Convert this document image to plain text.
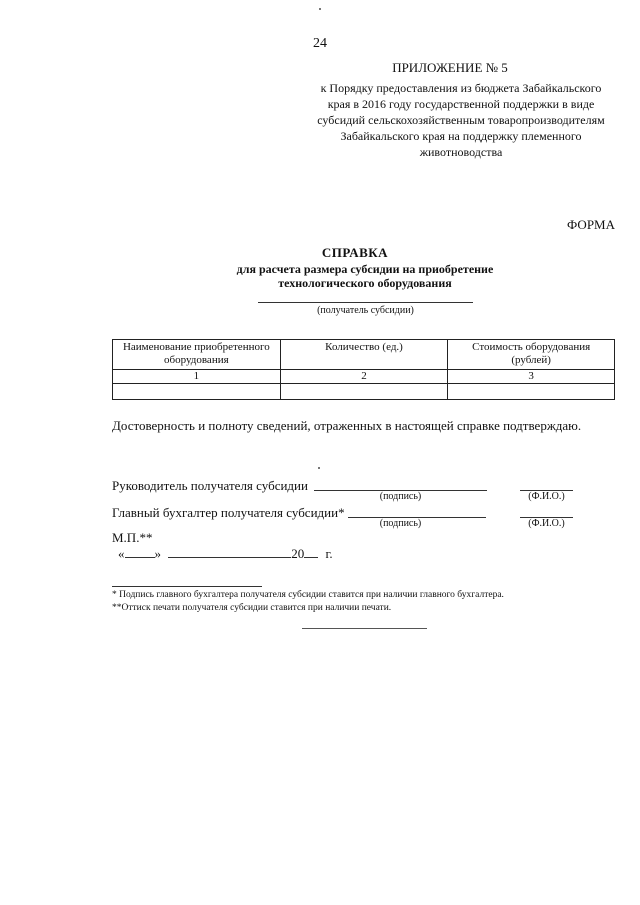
24
ПРИЛОЖЕНИЕ № 5
к Порядку предоставления из бюджета Забайкальского
края в 2016 году государственной поддержки в виде
субсидий сельскохозяйственным товаропроизводителям
Забайкальского края на поддержку племенного
животноводства
ФОРМА
СПРАВКА
для расчета размера субсидии на приобретение
технологического оборудования
(получатель субсидии)
Наименование приобретенного оборудования	Количество (ед.)	Стоимость оборудования (рублей)
1	2	3

Достоверность и полноту сведений, отраженных в настоящей справке подтверждаю.
Руководитель получателя субсидии
(подпись)	(Ф.И.О.)
Главный бухгалтер получателя субсидии*
(подпись)	(Ф.И.О.)
М.П.**
« »	20 г.
* Подпись главного бухгалтера получателя субсидии ставится при наличии главного бухгалтера.
**Оттиск печати получателя субсидии ставится при наличии печати.
